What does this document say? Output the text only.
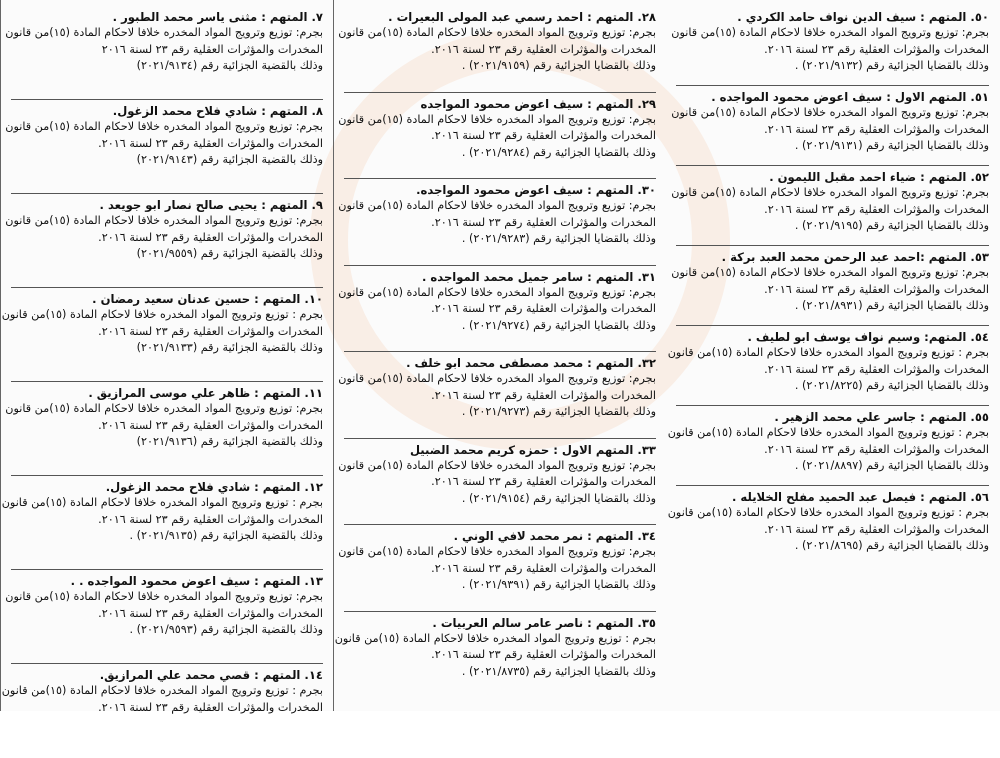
٧. المتهم : مثنى ياسر محمد الطبور .
بجرم: توزيع وترويج المواد المخدره خلافا لاحكام المادة (١٥)من قانون
المخدرات والمؤثرات العقلية رقم ٢٣ لسنة ٢٠١٦
وذلك بالقضية الجزائية رقم (٢٠٢١/٩١٣٤)
٨. المتهم : شادي فلاح محمد الزغول.
بجرم: توزيع وترويج المواد المخدره خلافا لاحكام المادة (١٥)من قانون
المخدرات والمؤثرات العقلية رقم ٢٣ لسنة ٢٠١٦.
وذلك بالقضية الجزائية رقم (٢٠٢١/٩١٤٣)
٩. المتهم : يحيى صالح نصار ابو جويعد .
بجرم: توزيع وترويج المواد المخدره خلافا لاحكام المادة (١٥)من قانون
المخدرات والمؤثرات العقلية رقم ٢٣ لسنة ٢٠١٦.
وذلك بالقضية الجزائية رقم (٢٠٢١/٩٥٥٩)
١٠. المتهم : حسين عدنان سعيد رمضان .
بجرم : توزيع وترويج المواد المخدره خلافا لاحكام المادة (١٥)من قانون
المخدرات والمؤثرات العقلية رقم ٢٣ لسنة ٢٠١٦.
وذلك بالقضية الجزائية رقم (٢٠٢١/٩١٣٣)
١١. المتهم : ظاهر علي موسى المرازيق .
بجرم: توزيع وترويج المواد المخدره خلافا لاحكام المادة (١٥)من قانون
المخدرات والمؤثرات العقلية رقم ٢٣ لسنة ٢٠١٦.
وذلك بالقضية الجزائية رقم (٢٠٢١/٩١٣٦)
١٢. المتهم : شادي فلاح محمد الزغول.
بجرم : توزيع وترويج المواد المخدره خلافا لاحكام المادة (١٥)من قانون
المخدرات والمؤثرات العقلية رقم ٢٣ لسنة ٢٠١٦.
وذلك بالقضية الجزائية رقم (٢٠٢١/٩١٣٥) .
١٣. المتهم : سيف اعوض محمود المواجده . .
بجرم: توزيع وترويج المواد المخدره خلافا لاحكام المادة (١٥)من قانون
المخدرات والمؤثرات العقلية رقم ٢٣ لسنة ٢٠١٦.
وذلك بالقضية الجزائية رقم (٢٠٢١/٩٥٩٣) .
١٤. المتهم : قصي محمد علي المرازيق.
بجرم : توزيع وترويج المواد المخدره خلافا لاحكام المادة (١٥)من قانون
المخدرات والمؤثرات العقلية رقم ٢٣ لسنة ٢٠١٦.
٢٨. المتهم : احمد رسمي عبد المولى البعيرات .
بجرم: توزيع وترويج المواد المخدره خلافا لاحكام المادة (١٥)من قانون
المخدرات والمؤثرات العقلية رقم ٢٣ لسنة ٢٠١٦.
وذلك بالقضايا الجزائية رقم (٢٠٢١/٩١٥٩) .
٢٩. المتهم : سيف اعوض محمود المواجده
بجرم: توزيع وترويج المواد المخدره خلافا لاحكام المادة (١٥)من قانون
المخدرات والمؤثرات العقلية رقم ٢٣ لسنة ٢٠١٦.
وذلك بالقضايا الجزائية رقم (٢٠٢١/٩٢٨٤) .
٣٠. المتهم : سيف اعوض محمود المواجده.
بجرم: توزيع وترويج المواد المخدره خلافا لاحكام المادة (١٥)من قانون
المخدرات والمؤثرات العقلية رقم ٢٣ لسنة ٢٠١٦.
وذلك بالقضايا الجزائية رقم (٢٠٢١/٩٢٨٣) .
٣١. المتهم : سامر جميل محمد المواجده .
بجرم: توزيع وترويج المواد المخدره خلافا لاحكام المادة (١٥)من قانون
المخدرات والمؤثرات العقلية رقم ٢٣ لسنة ٢٠١٦.
وذلك بالقضايا الجزائية رقم (٢٠٢١/٩٢٧٤) .
٣٢. المتهم : محمد مصطفى محمد ابو خلف .
بجرم: توزيع وترويج المواد المخدره خلافا لاحكام المادة (١٥)من قانون
المخدرات والمؤثرات العقلية رقم ٢٣ لسنة ٢٠١٦.
وذلك بالقضايا الجزائية رقم (٢٠٢١/٩٢٧٣) .
٣٣. المتهم الاول : حمزه كريم محمد الضبيل
بجرم: توزيع وترويج المواد المخدره خلافا لاحكام المادة (١٥)من قانون
المخدرات والمؤثرات العقلية رقم ٢٣ لسنة ٢٠١٦.
وذلك بالقضايا الجزائية رقم (٢٠٢١/٩١٥٤) .
٣٤. المتهم : نمر محمد لافي الوني .
بجرم: توزيع وترويج المواد المخدره خلافا لاحكام المادة (١٥)من قانون
المخدرات والمؤثرات العقلية رقم ٢٣ لسنة ٢٠١٦.
وذلك بالقضايا الجزائية رقم (٢٠٢١/٩٣٩١) .
٣٥. المتهم : ناصر عامر سالم العربيات .
بجرم : توزيع وترويج المواد المخدره خلافا لاحكام المادة (١٥)من قانون
المخدرات والمؤثرات العقلية رقم ٢٣ لسنة ٢٠١٦.
وذلك بالقضايا الجزائية رقم (٢٠٢١/٨٧٣٥) .
٥٠. المتهم : سيف الدين نواف حامد الكردي .
بجرم: توزيع وترويج المواد المخدره خلافا لاحكام المادة (١٥)من قانون
المخدرات والمؤثرات العقلية رقم ٢٣ لسنة ٢٠١٦.
وذلك بالقضايا الجزائية رقم (٢٠٢١/٩١٣٢) .
٥١. المتهم الاول : سيف اعوض محمود المواجده .
بجرم: توزيع وترويج المواد المخدره خلافا لاحكام المادة (١٥)من قانون
المخدرات والمؤثرات العقلية رقم ٢٣ لسنة ٢٠١٦.
وذلك بالقضايا الجزائية رقم (٢٠٢١/٩١٣١) .
٥٢. المتهم : ضياء احمد مقبل الليمون .
بجرم: توزيع وترويج المواد المخدره خلافا لاحكام المادة (١٥)من قانون
المخدرات والمؤثرات العقلية رقم ٢٣ لسنة ٢٠١٦.
وذلك بالقضايا الجزائية رقم (٢٠٢١/٩١٩٥) .
٥٣. المتهم :احمد عبد الرحمن محمد العبد بركة .
بجرم: توزيع وترويج المواد المخدره خلافا لاحكام المادة (١٥)من قانون
المخدرات والمؤثرات العقلية رقم ٢٣ لسنة ٢٠١٦.
وذلك بالقضايا الجزائية رقم (٢٠٢١/٨٩٣١) .
٥٤. المتهم: وسيم نواف يوسف ابو لطيف .
بجرم : توزيع وترويج المواد المخدره خلافا لاحكام المادة (١٥)من قانون
المخدرات والمؤثرات العقلية رقم ٢٣ لسنة ٢٠١٦.
وذلك بالقضايا الجزائية رقم (٢٠٢١/٨٢٢٥) .
٥٥. المتهم : جاسر علي محمد الزهير .
بجرم : توزيع وترويج المواد المخدره خلافا لاحكام المادة (١٥)من قانون
المخدرات والمؤثرات العقلية رقم ٢٣ لسنة ٢٠١٦.
وذلك بالقضايا الجزائية رقم (٢٠٢١/٨٨٩٧) .
٥٦. المتهم : فيصل عبد الحميد مفلح الخلايله .
بجرم : توزيع وترويج المواد المخدره خلافا لاحكام المادة (١٥)من قانون
المخدرات والمؤثرات العقلية رقم ٢٣ لسنة ٢٠١٦.
وذلك بالقضايا الجزائية رقم (٢٠٢١/٨٦٩٥) .
